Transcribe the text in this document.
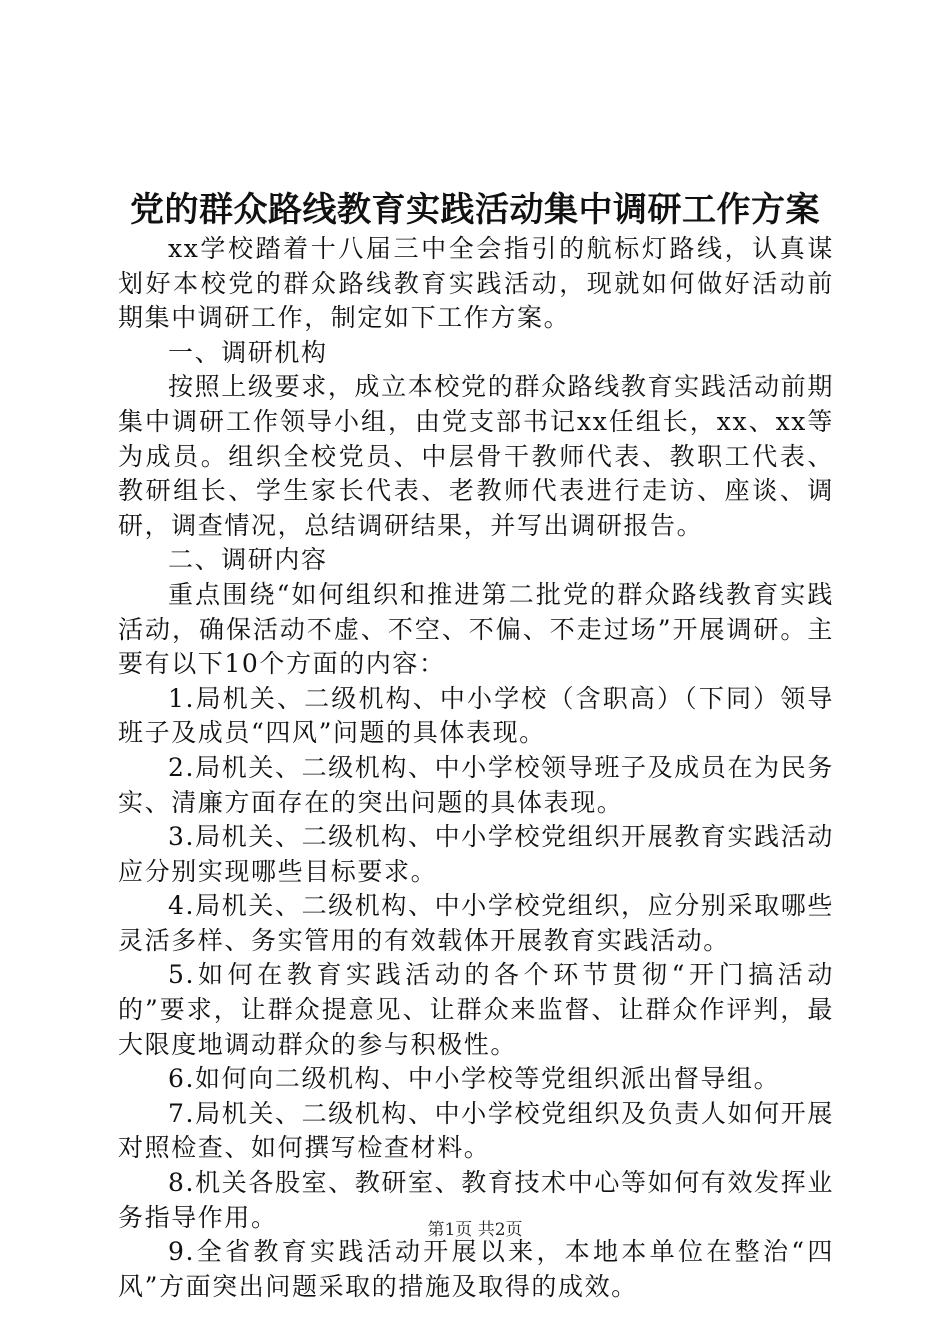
党的群众路线教育实践活动集中调研工作方案

xx学校踏着十八届三中全会指引的航标灯路线，认真谋划好本校党的群众路线教育实践活动，现就如何做好活动前期集中调研工作，制定如下工作方案。

一、调研机构

按照上级要求，成立本校党的群众路线教育实践活动前期集中调研工作领导小组，由党支部书记xx任组长，xx、xx等为成员。组织全校党员、中层骨干教师代表、教职工代表、教研组长、学生家长代表、老教师代表进行走访、座谈、调研，调查情况，总结调研结果，并写出调研报告。

二、调研内容

重点围绕“如何组织和推进第二批党的群众路线教育实践活动，确保活动不虚、不空、不偏、不走过场”开展调研。主要有以下10个方面的内容：

1.局机关、二级机构、中小学校（含职高）（下同）领导班子及成员“四风”问题的具体表现。

2.局机关、二级机构、中小学校领导班子及成员在为民务实、清廉方面存在的突出问题的具体表现。

3.局机关、二级机构、中小学校党组织开展教育实践活动应分别实现哪些目标要求。

4.局机关、二级机构、中小学校党组织，应分别采取哪些灵活多样、务实管用的有效载体开展教育实践活动。

5.如何在教育实践活动的各个环节贯彻“开门搞活动的”要求，让群众提意见、让群众来监督、让群众作评判，最大限度地调动群众的参与积极性。

6.如何向二级机构、中小学校等党组织派出督导组。

7.局机关、二级机构、中小学校党组织及负责人如何开展对照检查、如何撰写检查材料。

8.机关各股室、教研室、教育技术中心等如何有效发挥业务指导作用。

9.全省教育实践活动开展以来，本地本单位在整治“四风”方面突出问题采取的措施及取得的成效。

第1页 共2页
